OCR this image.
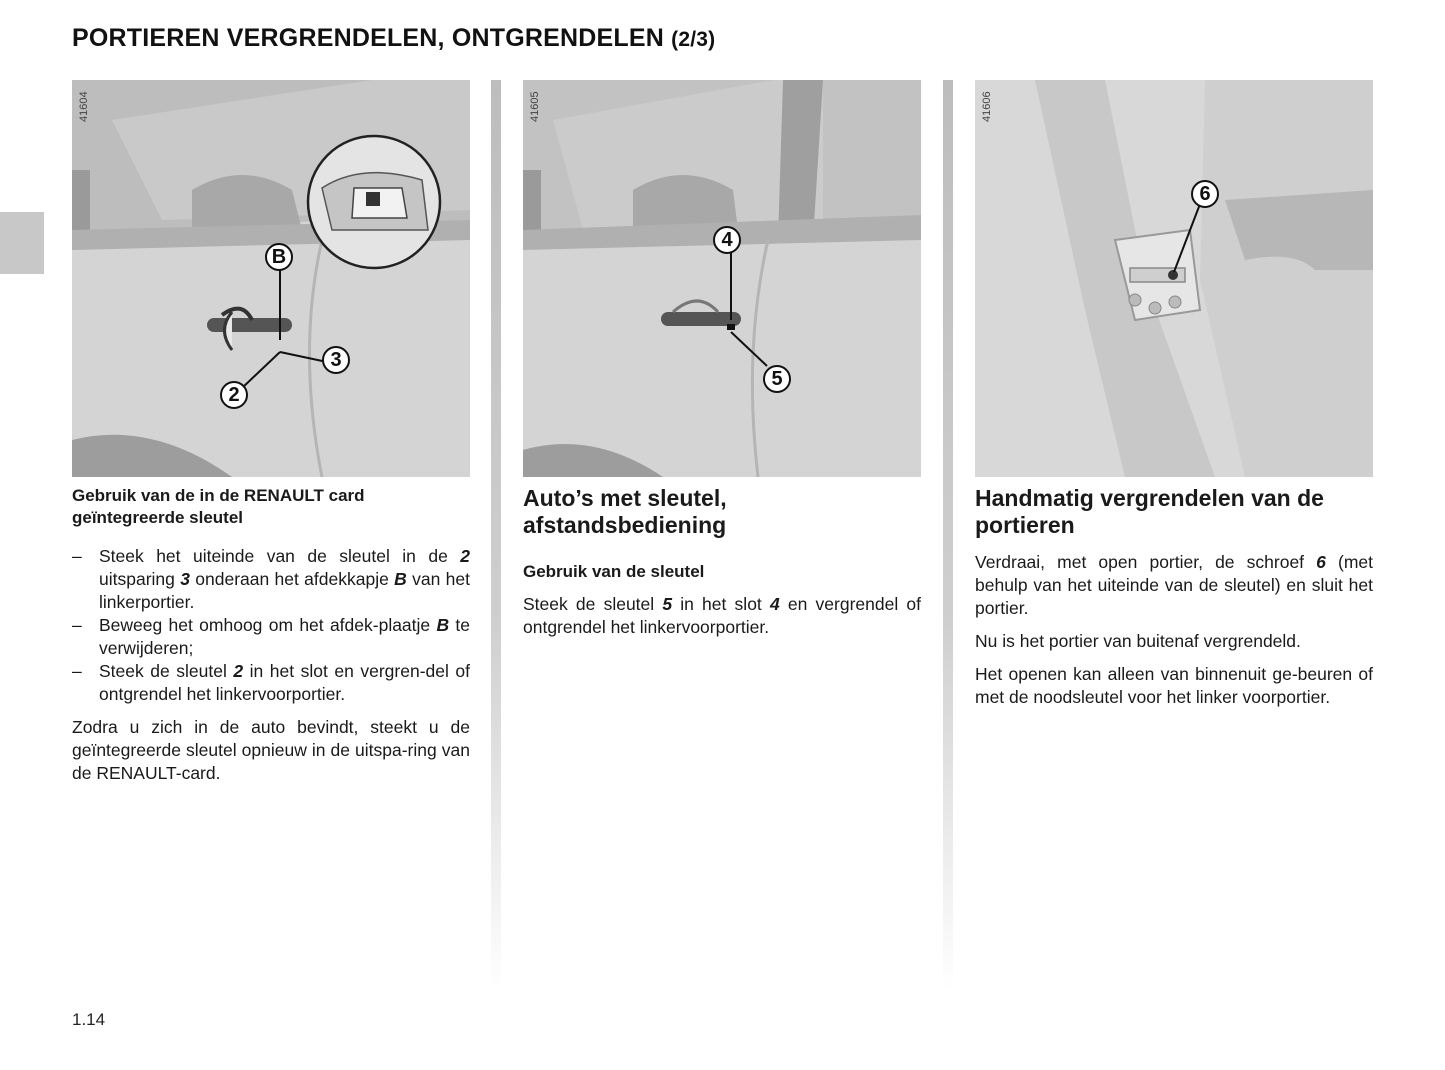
PORTIEREN VERGRENDELEN, ONTGRENDELEN (2/3)
41604
B
3
2

Gebruik van de in de RENAULT card geïntegreerde sleutel

– Steek het uiteinde van de sleutel in de 2 uitsparing 3 onderaan het afdekkapje B van het linkerportier.
– Beweeg het omhoog om het afdek-plaatje B te verwijderen;
– Steek de sleutel 2 in het slot en vergren-del of ontgrendel het linkervoorportier.

Zodra u zich in de auto bevindt, steekt u de geïntegreerde sleutel opnieuw in de uitspa-ring van de RENAULT-card.

41605
4
5
Auto’s met sleutel, afstandsbediening

Gebruik van de sleutel

Steek de sleutel 5 in het slot 4 en vergrendel of ontgrendel het linkervoorportier.

41606
6
Handmatig vergrendelen van de portieren

Verdraai, met open portier, de schroef 6 (met behulp van het uiteinde van de sleutel) en sluit het portier.

Nu is het portier van buitenaf vergrendeld.

Het openen kan alleen van binnenuit ge-beuren of met de noodsleutel voor het linker voorportier.

1.14
